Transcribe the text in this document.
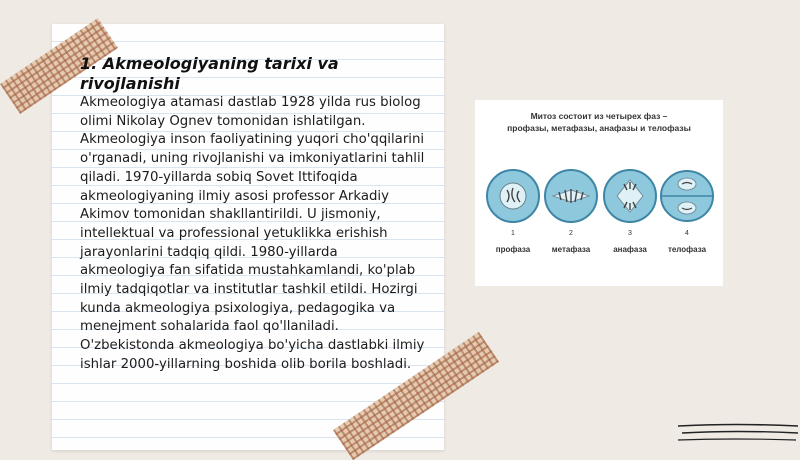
1. Akmeologiyaning tarixi va rivojlanishi

Akmeologiya atamasi dastlab 1928 yilda rus biolog olimi Nikolay Ognev tomonidan ishlatilgan. Akmeologiya inson faoliyatining yuqori cho'qqilarini o'rganadi, uning rivojlanishi va imkoniyatlarini tahlil qiladi. 1970-yillarda sobiq Sovet Ittifoqida akmeologiyaning ilmiy asosi professor Arkadiy Akimov tomonidan shakllantirildi. U jismoniy, intellektual va professional yetuklikka erishish jarayonlarini tadqiq qildi. 1980-yillarda akmeologiya fan sifatida mustahkamlandi, ko'plab ilmiy tadqiqotlar va institutlar tashkil etildi. Hozirgi kunda akmeologiya psixologiya, pedagogika va menejment sohalarida faol qo'llaniladi. O'zbekistonda akmeologiya bo'yicha dastlabki ilmiy ishlar 2000-yillarning boshida olib borila boshladi.

Митоз состоит из четырех фаз –
профазы, метафазы, анафазы и телофазы
1
профаза
2
метафаза
3
анафаза
4
телофаза
